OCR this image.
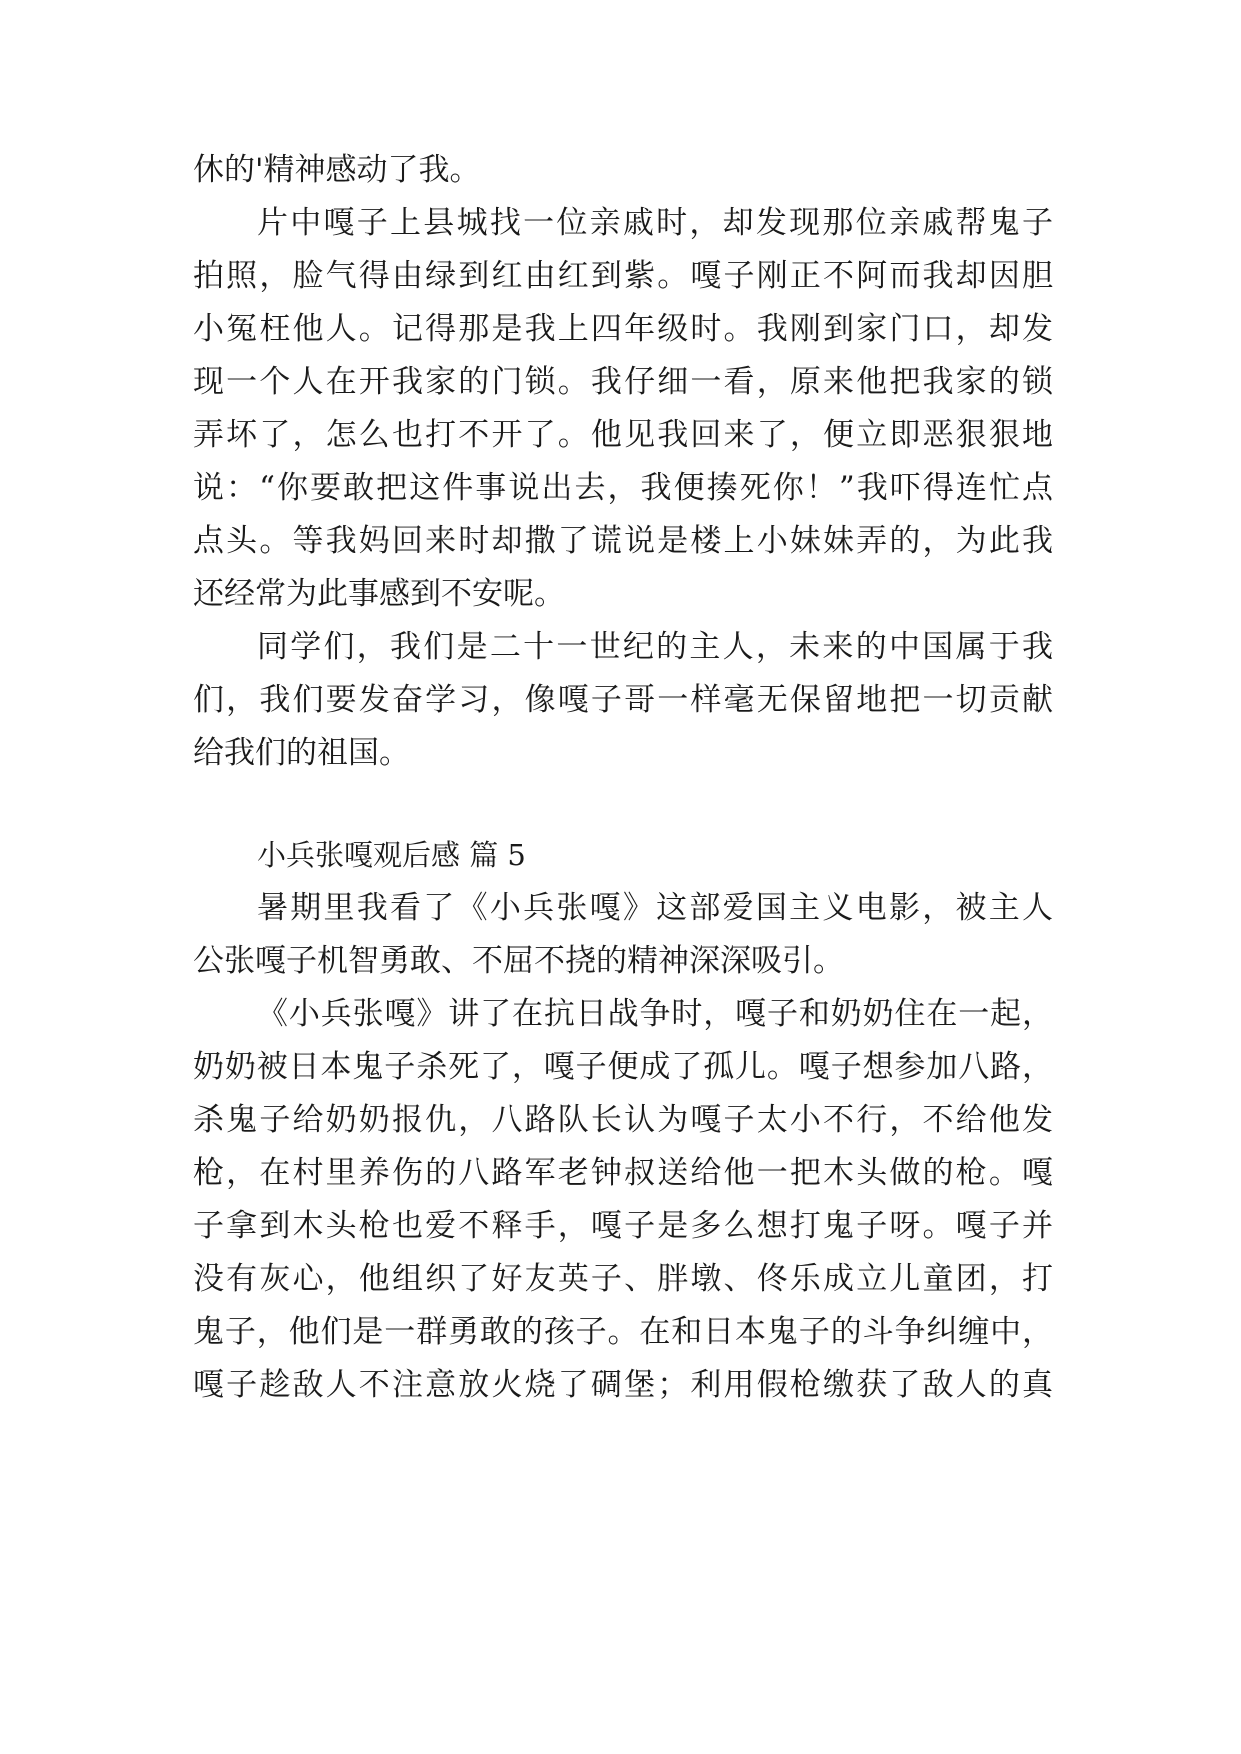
休的'精神感动了我。
片中嘎子上县城找一位亲戚时，却发现那位亲戚帮鬼子
拍照，脸气得由绿到红由红到紫。嘎子刚正不阿而我却因胆
小冤枉他人。记得那是我上四年级时。我刚到家门口，却发
现一个人在开我家的门锁。我仔细一看，原来他把我家的锁
弄坏了，怎么也打不开了。他见我回来了，便立即恶狠狠地
说：“你要敢把这件事说出去，我便揍死你！”我吓得连忙点
点头。等我妈回来时却撒了谎说是楼上小妹妹弄的，为此我
还经常为此事感到不安呢。
同学们，我们是二十一世纪的主人，未来的中国属于我
们，我们要发奋学习，像嘎子哥一样毫无保留地把一切贡献
给我们的祖国。
小兵张嘎观后感 篇 5
暑期里我看了《小兵张嘎》这部爱国主义电影，被主人
公张嘎子机智勇敢、不屈不挠的精神深深吸引。
《小兵张嘎》讲了在抗日战争时，嘎子和奶奶住在一起，
奶奶被日本鬼子杀死了，嘎子便成了孤儿。嘎子想参加八路，
杀鬼子给奶奶报仇，八路队长认为嘎子太小不行，不给他发
枪，在村里养伤的八路军老钟叔送给他一把木头做的枪。嘎
子拿到木头枪也爱不释手，嘎子是多么想打鬼子呀。嘎子并
没有灰心，他组织了好友英子、胖墩、佟乐成立儿童团，打
鬼子，他们是一群勇敢的孩子。在和日本鬼子的斗争纠缠中，
嘎子趁敌人不注意放火烧了碉堡；利用假枪缴获了敌人的真
